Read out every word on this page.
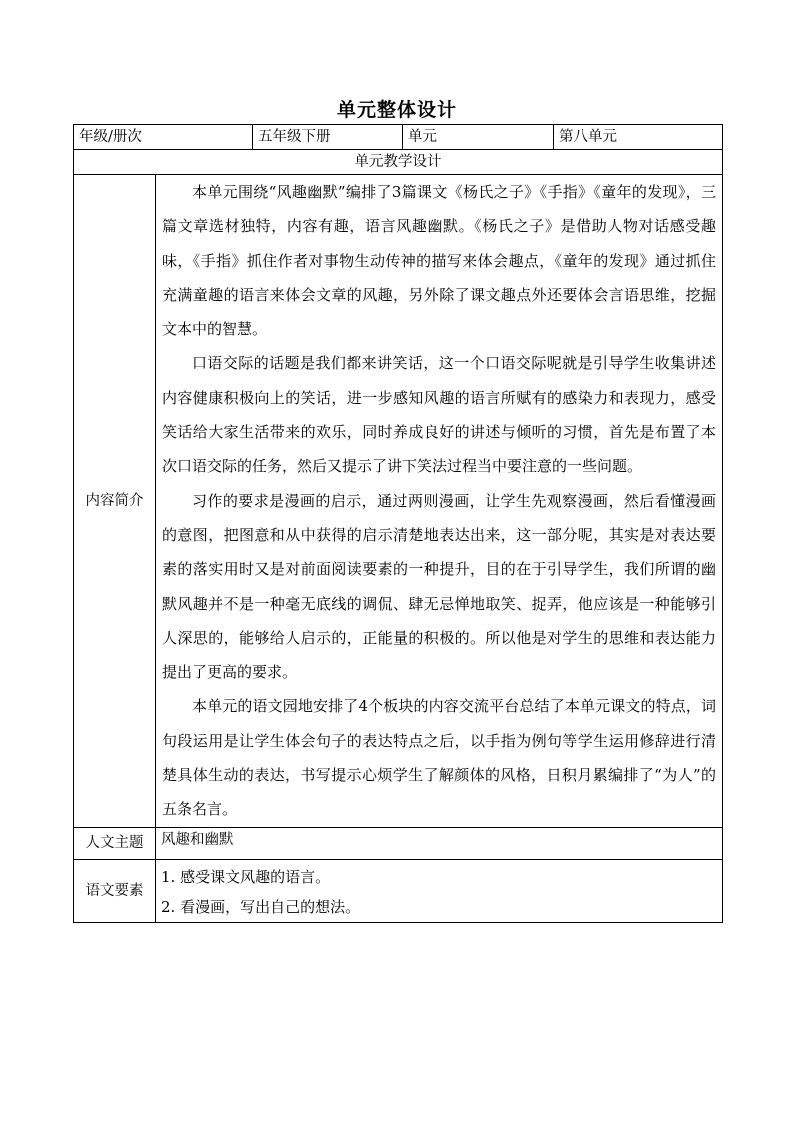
单元整体设计
年级/册次		五年级下册	单元	第八单元
单元教学设计				
内容简介	本单元围绕“风趣幽默”编排了3篇课文《杨氏之子》《手指》《童年的发现》，三篇文章选材独特，内容有趣，语言风趣幽默。《杨氏之子》是借助人物对话感受趣味，《手指》抓住作者对事物生动传神的描写来体会趣点，《童年的发现》通过抓住充满童趣的语言来体会文章的风趣，另外除了课文趣点外还要体会言语思维，挖掘文本中的智慧。

口语交际的话题是我们都来讲笑话，这一个口语交际呢就是引导学生收集讲述内容健康积极向上的笑话，进一步感知风趣的语言所赋有的感染力和表现力，感受笑话给大家生活带来的欢乐，同时养成良好的讲述与倾听的习惯，首先是布置了本次口语交际的任务，然后又提示了讲下笑法过程当中要注意的一些问题。

习作的要求是漫画的启示，通过两则漫画，让学生先观察漫画，然后看懂漫画的意图，把图意和从中获得的启示清楚地表达出来，这一部分呢，其实是对表达要素的落实用时又是对前面阅读要素的一种提升，目的在于引导学生，我们所谓的幽默风趣并不是一种毫无底线的调侃、肆无忌惮地取笑、捉弄，他应该是一种能够引人深思的，能够给人启示的，正能量的积极的。所以他是对学生的思维和表达能力提出了更高的要求。

本单元的语文园地安排了4个板块的内容交流平台总结了本单元课文的特点，词句段运用是让学生体会句子的表达特点之后，以手指为例句等学生运用修辞进行清楚具体生动的表达，书写提示心烦学生了解颜体的风格，日积月累编排了“为人”的五条名言。			

人文主题	风趣和幽默			
语文要素	1. 感受课文风趣的语言。
2. 看漫画，写出自己的想法。			
